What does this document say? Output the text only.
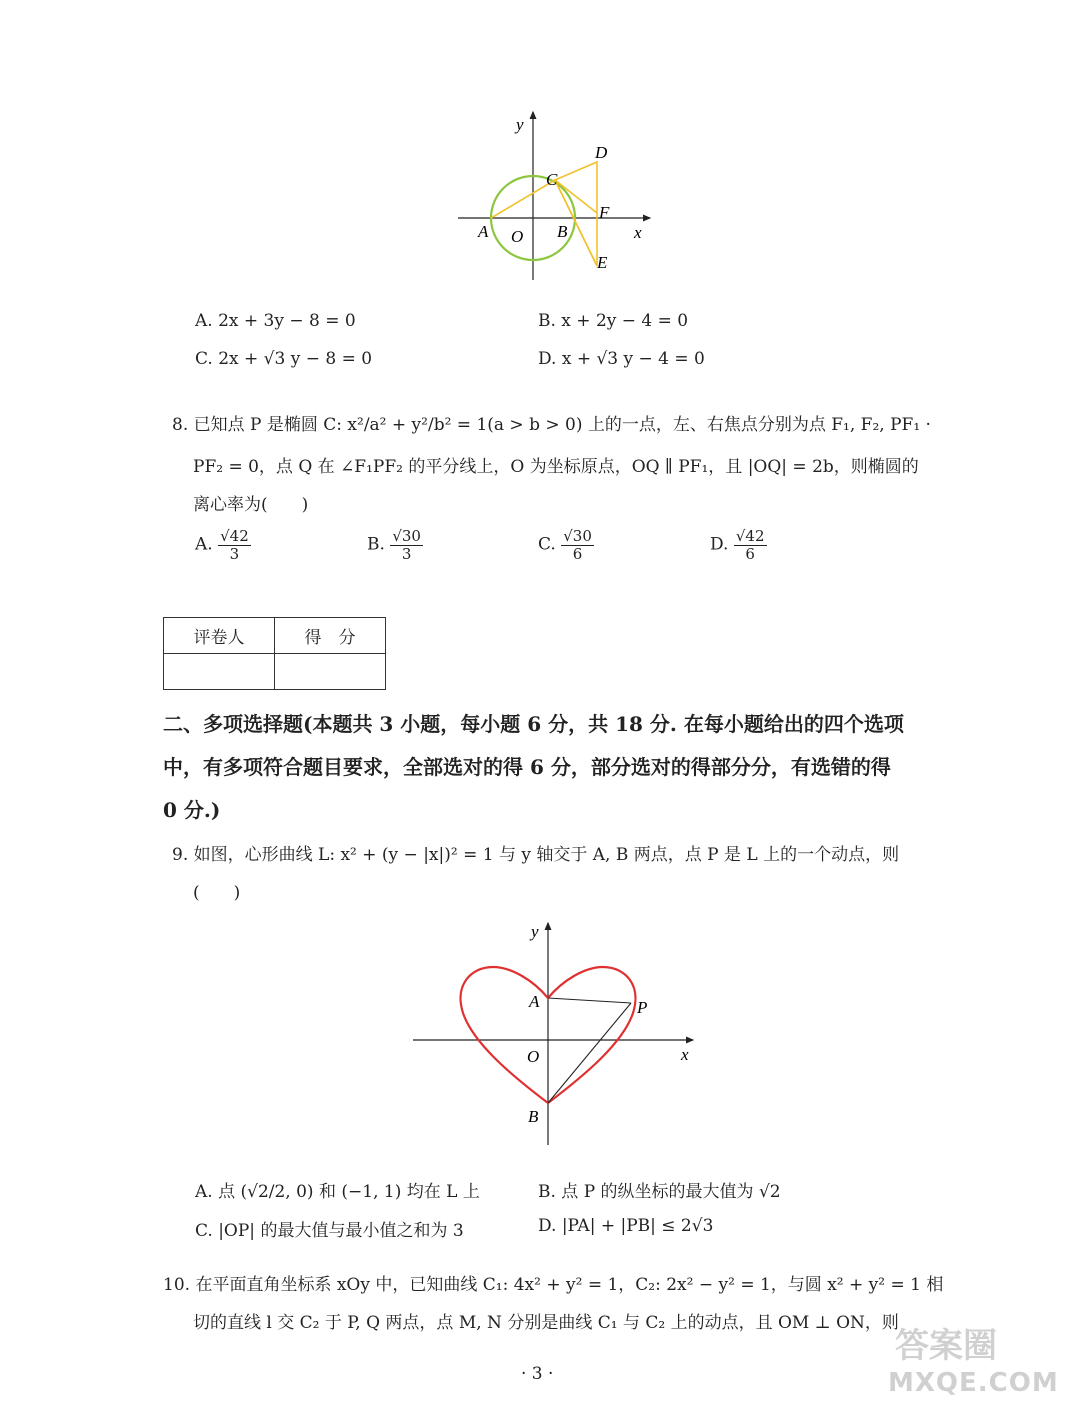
y
x
A O B
C
D
F
E
A. 2x + 3y − 8 = 0	B. x + 2y − 4 = 0
C. 2x + √3 y − 8 = 0	D. x + √3 y − 4 = 0
8. 已知点 P 是椭圆 C: x²/a² + y²/b² = 1(a > b > 0) 上的一点，左、右焦点分别为点 F₁, F₂, PF₁ ·
PF₂ = 0，点 Q 在 ∠F₁PF₂ 的平分线上，O 为坐标原点，OQ ∥ PF₁，且 |OQ| = 2b，则椭圆的
离心率为(　　)
A. $\frac{√42}{3}$	B. $\frac{√30}{3}$	C. $\frac{√30}{6}$	D. $\frac{√42}{6}$
评卷人	得　分

二、多项选择题(本题共 3 小题，每小题 6 分，共 18 分. 在每小题给出的四个选项
中，有多项符合题目要求，全部选对的得 6 分，部分选对的得部分分，有选错的得
0 分.)
9. 如图，心形曲线 L: x² + (y − |x|)² = 1 与 y 轴交于 A, B 两点，点 P 是 L 上的一个动点，则
(　　)
y
x
A	P
O
B
A. 点 (√2/2, 0) 和 (−1, 1) 均在 L 上	B. 点 P 的纵坐标的最大值为 √2
C. |OP| 的最大值与最小值之和为 3	D. |PA| + |PB| ≤ 2√3
10. 在平面直角坐标系 xOy 中，已知曲线 C₁: 4x² + y² = 1，C₂: 2x² − y² = 1，与圆 x² + y² = 1 相
切的直线 l 交 C₂ 于 P, Q 两点，点 M, N 分别是曲线 C₁ 与 C₂ 上的动点，且 OM ⊥ ON，则
· 3 ·
答案圈
MXQE.COM
